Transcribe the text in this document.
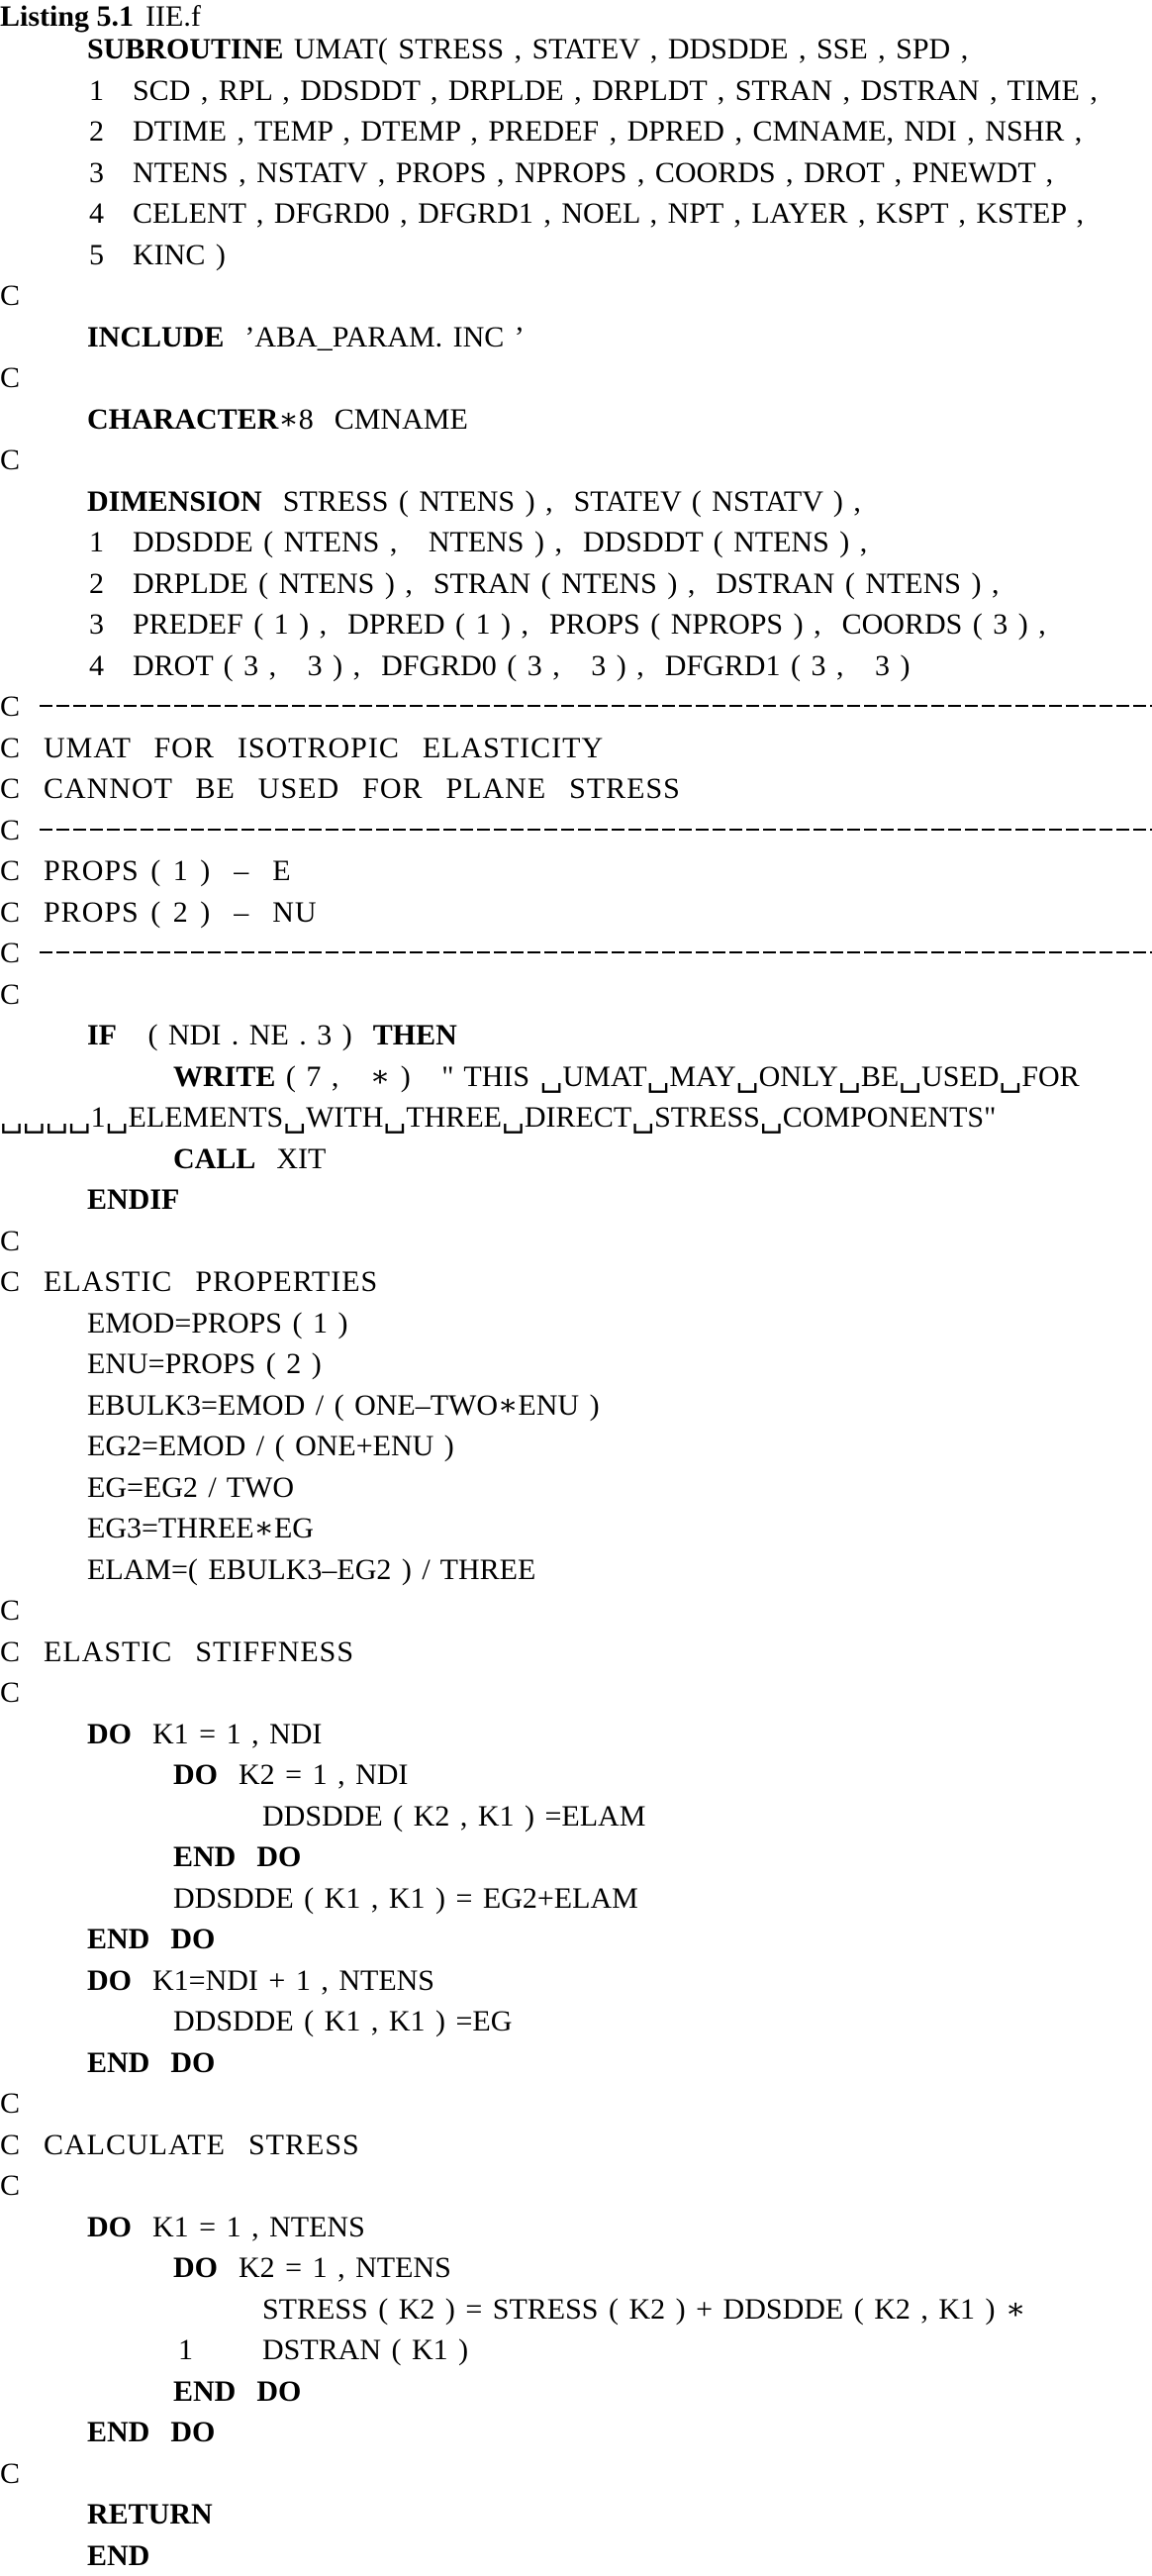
Listing 5.1 IIE.f
SUBROUTINE UMAT( STRESS , STATEV , DDSDDE , SSE , SPD ,
1 SCD , RPL , DDSDDT , DRPLDE , DRPLDT , STRAN , DSTRAN , TIME ,
2 DTIME , TEMP , DTEMP , PREDEF , DPRED , CMNAME, NDI , NSHR ,
3 NTENS , NSTATV , PROPS , NPROPS , COORDS , DROT , PNEWDT ,
4 CELENT , DFGRD0 , DFGRD1 , NOEL , NPT , LAYER , KSPT , KSTEP ,
5 KINC )
C
INCLUDE  ’ABA_PARAM. INC ’
C
CHARACTER∗8  CMNAME
C
DIMENSION  STRESS ( NTENS ) ,  STATEV ( NSTATV ) ,
1 DDSDDE ( NTENS ,   NTENS ) ,  DDSDDT ( NTENS ) ,
2 DRPLDE ( NTENS ) ,  STRAN ( NTENS ) ,  DSTRAN ( NTENS ) ,
3 PREDEF ( 1 ) ,  DPRED ( 1 ) ,  PROPS ( NPROPS ) ,  COORDS ( 3 ) ,
4 DROT ( 3 ,   3 ) ,  DFGRD0 ( 3 ,   3 ) ,  DFGRD1 ( 3 ,   3 )
C
C UMAT  FOR  ISOTROPIC  ELASTICITY
C CANNOT  BE  USED  FOR  PLANE  STRESS
C
C PROPS ( 1 )  –  E
C PROPS ( 2 )  –  NU
C
C
IF   ( NDI . NE . 3 )  THEN
WRITE ( 7 ,   ∗ )   " THIS ␣UMAT␣MAY␣ONLY␣BE␣USED␣FOR
␣␣␣␣1␣ELEMENTS␣WITH␣THREE␣DIRECT␣STRESS␣COMPONENTS"
CALL  XIT
ENDIF
C
C ELASTIC  PROPERTIES
EMOD=PROPS ( 1 )
ENU=PROPS ( 2 )
EBULK3=EMOD / ( ONE–TWO∗ENU )
EG2=EMOD / ( ONE+ENU )
EG=EG2 / TWO
EG3=THREE∗EG
ELAM=( EBULK3–EG2 ) / THREE
C
C ELASTIC  STIFFNESS
C
DO  K1 = 1 , NDI
DO  K2 = 1 , NDI
DDSDDE ( K2 , K1 ) =ELAM
END  DO
DDSDDE ( K1 , K1 ) = EG2+ELAM
END  DO
DO  K1=NDI + 1 , NTENS
DDSDDE ( K1 , K1 ) =EG
END  DO
C
C CALCULATE  STRESS
C
DO  K1 = 1 , NTENS
DO  K2 = 1 , NTENS
STRESS ( K2 ) = STRESS ( K2 ) + DDSDDE ( K2 , K1 ) ∗
1 DSTRAN ( K1 )
END  DO
END  DO
C
RETURN
END
